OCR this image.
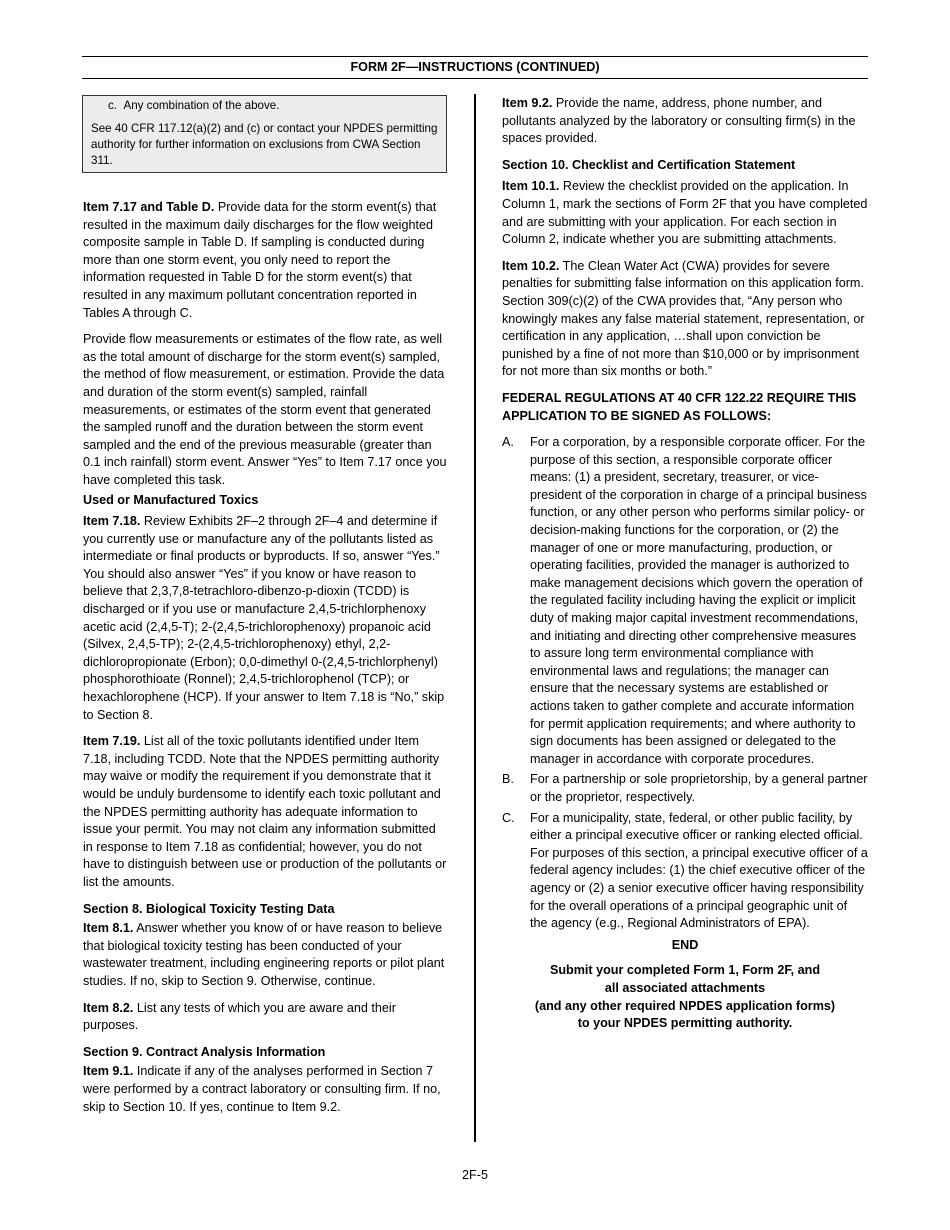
FORM 2F—INSTRUCTIONS (CONTINUED)

c.  Any combination of the above.

See 40 CFR 117.12(a)(2) and (c) or contact your NPDES permitting authority for further information on exclusions from CWA Section 311.

Item 7.17 and Table D. Provide data for the storm event(s) that resulted in the maximum daily discharges for the flow weighted composite sample in Table D. If sampling is conducted during more than one storm event, you only need to report the information requested in Table D for the storm event(s) that resulted in any maximum pollutant concentration reported in Tables A through C.

Provide flow measurements or estimates of the flow rate, as well as the total amount of discharge for the storm event(s) sampled, the method of flow measurement, or estimation. Provide the data and duration of the storm event(s) sampled, rainfall measurements, or estimates of the storm event that generated the sampled runoff and the duration between the storm event sampled and the end of the previous measurable (greater than 0.1 inch rainfall) storm event. Answer “Yes” to Item 7.17 once you have completed this task.

Used or Manufactured Toxics

Item 7.18. Review Exhibits 2F–2 through 2F–4 and determine if you currently use or manufacture any of the pollutants listed as intermediate or final products or byproducts. If so, answer “Yes.” You should also answer “Yes” if you know or have reason to believe that 2,3,7,8-tetrachloro-dibenzo-p-dioxin (TCDD) is discharged or if you use or manufacture 2,4,5-trichlorphenoxy acetic acid (2,4,5-T); 2-(2,4,5-trichlorophenoxy) propanoic acid (Silvex, 2,4,5-TP); 2-(2,4,5-trichlorophenoxy) ethyl, 2,2-dichloropropionate (Erbon); 0,0-dimethyl 0-(2,4,5-trichlorphenyl) phosphorothioate (Ronnel); 2,4,5-trichlorophenol (TCP); or hexachlorophene (HCP). If your answer to Item 7.18 is “No,” skip to Section 8.

Item 7.19. List all of the toxic pollutants identified under Item 7.18, including TCDD. Note that the NPDES permitting authority may waive or modify the requirement if you demonstrate that it would be unduly burdensome to identify each toxic pollutant and the NPDES permitting authority has adequate information to issue your permit. You may not claim any information submitted in response to Item 7.18 as confidential; however, you do not have to distinguish between use or production of the pollutants or list the amounts.

Section 8. Biological Toxicity Testing Data

Item 8.1. Answer whether you know of or have reason to believe that biological toxicity testing has been conducted of your wastewater treatment, including engineering reports or pilot plant studies. If no, skip to Section 9. Otherwise, continue.

Item 8.2. List any tests of which you are aware and their purposes.

Section 9. Contract Analysis Information

Item 9.1. Indicate if any of the analyses performed in Section 7 were performed by a contract laboratory or consulting firm. If no, skip to Section 10. If yes, continue to Item 9.2.

Item 9.2. Provide the name, address, phone number, and pollutants analyzed by the laboratory or consulting firm(s) in the spaces provided.

Section 10. Checklist and Certification Statement

Item 10.1. Review the checklist provided on the application. In Column 1, mark the sections of Form 2F that you have completed and are submitting with your application. For each section in Column 2, indicate whether you are submitting attachments.

Item 10.2. The Clean Water Act (CWA) provides for severe penalties for submitting false information on this application form. Section 309(c)(2) of the CWA provides that, “Any person who knowingly makes any false material statement, representation, or certification in any application, …shall upon conviction be punished by a fine of not more than $10,000 or by imprisonment for not more than six months or both.”

FEDERAL REGULATIONS AT 40 CFR 122.22 REQUIRE THIS APPLICATION TO BE SIGNED AS FOLLOWS:

A.	For a corporation, by a responsible corporate officer. For the purpose of this section, a responsible corporate officer means: (1) a president, secretary, treasurer, or vice-president of the corporation in charge of a principal business function, or any other person who performs similar policy- or decision-making functions for the corporation, or (2) the manager of one or more manufacturing, production, or operating facilities, provided the manager is authorized to make management decisions which govern the operation of the regulated facility including having the explicit or implicit duty of making major capital investment recommendations, and initiating and directing other comprehensive measures to assure long term environmental compliance with environmental laws and regulations; the manager can ensure that the necessary systems are established or actions taken to gather complete and accurate information for permit application requirements; and where authority to sign documents has been assigned or delegated to the manager in accordance with corporate procedures.
B.	For a partnership or sole proprietorship, by a general partner or the proprietor, respectively.
C.	For a municipality, state, federal, or other public facility, by either a principal executive officer or ranking elected official. For purposes of this section, a principal executive officer of a federal agency includes: (1) the chief executive officer of the agency or (2) a senior executive officer having responsibility for the overall operations of a principal geographic unit of the agency (e.g., Regional Administrators of EPA).

END

Submit your completed Form 1, Form 2F, and

all associated attachments

(and any other required NPDES application forms)

to your NPDES permitting authority.

2F-5
